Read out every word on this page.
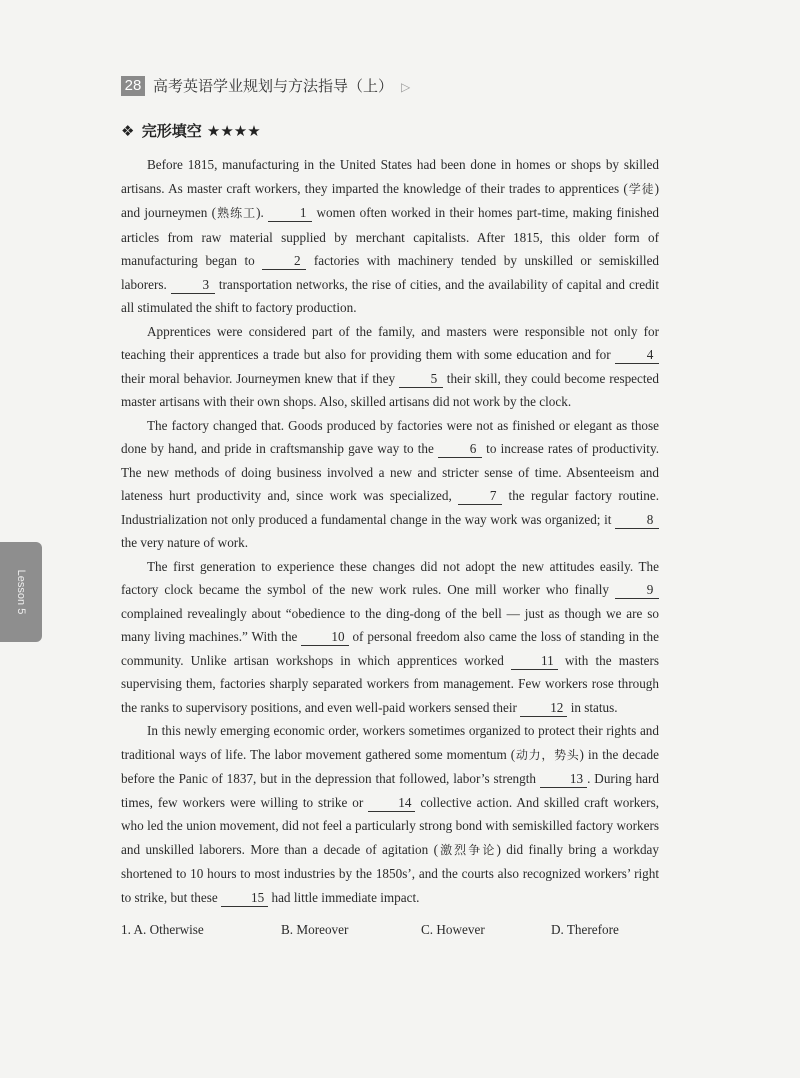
28 高考英语学业规划与方法指导（上） ▷
❖ 完形填空 ★★★★

Before 1815, manufacturing in the United States had been done in homes or shops by skilled artisans. As master craft workers, they imparted the knowledge of their trades to apprentices (学徒) and journeymen (熟练工).	1 women often worked in their homes part-time, making finished articles from raw material supplied by merchant capitalists. After 1815, this older form of manufacturing began to	2 factories with machinery tended by unskilled or semiskilled laborers.	3 transportation networks, the rise of cities, and the availability of capital and credit all stimulated the shift to factory production.

Apprentices were considered part of the family, and masters were responsible not only for teaching their apprentices a trade but also for providing them with some education and for	4 their moral behavior. Journeymen knew that if they	5 their skill, they could become respected master artisans with their own shops. Also, skilled artisans did not work by the clock.

The factory changed that. Goods produced by factories were not as finished or elegant as those done by hand, and pride in craftsmanship gave way to the	6 to increase rates of productivity. The new methods of doing business involved a new and stricter sense of time. Absenteeism and lateness hurt productivity and, since work was specialized,	7 the regular factory routine. Industrialization not only produced a fundamental change in the way work was organized; it	8 the very nature of work.

The first generation to experience these changes did not adopt the new attitudes easily. The factory clock became the symbol of the new work rules. One mill worker who finally	9 complained revealingly about “obedience to the ding-dong of the bell — just as though we are so many living machines.” With the	10 of personal freedom also came the loss of standing in the community. Unlike artisan workshops in which apprentices worked	11 with the masters supervising them, factories sharply separated workers from management. Few workers rose through the ranks to supervisory positions, and even well-paid workers sensed their	12 in status.

In this newly emerging economic order, workers sometimes organized to protect their rights and traditional ways of life. The labor movement gathered some momentum (动力，势头) in the decade before the Panic of 1837, but in the depression that followed, labor’s strength	13 . During hard times, few workers were willing to strike or	14 collective action. And skilled craft workers, who led the union movement, did not feel a particularly strong bond with semiskilled factory workers and unskilled laborers. More than a decade of agitation (激烈争论) did finally bring a workday shortened to 10 hours to most industries by the 1850s’, and the courts also recognized workers’ right to strike, but these	15 had little immediate impact.

1. A. Otherwise	B. Moreover	C. However	D. Therefore
Lesson 5
